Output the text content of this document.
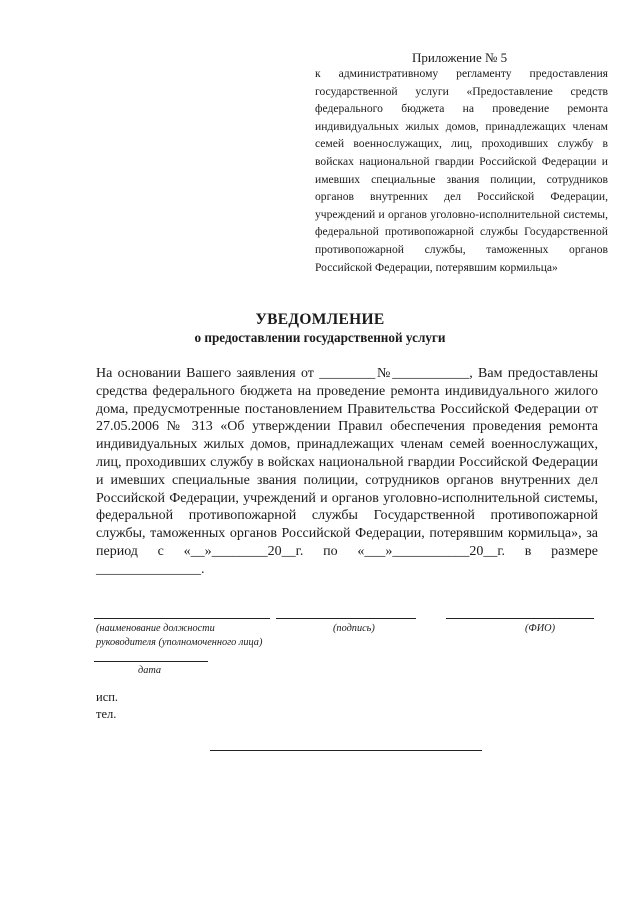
Приложение № 5

к административному регламенту предоставления государственной услуги «Предоставление средств федерального бюджета на проведение ремонта индивидуальных жилых домов, принадлежащих членам семей военнослужащих, лиц, проходивших службу в войсках национальной гвардии Российской Федерации и имевших специальные звания полиции, сотрудников органов внутренних дел Российской Федерации, учреждений и органов уголовно-исполнительной системы, федеральной противопожарной службы Государственной противопожарной службы, таможенных органов Российской Федерации, потерявшим кормильца»

УВЕДОМЛЕНИЕ

о предоставлении государственной услуги

На основании Вашего заявления от ________№___________, Вам предоставлены средства федерального бюджета на проведение ремонта индивидуального жилого дома, предусмотренные постановлением Правительства Российской Федерации от 27.05.2006 № 313 «Об утверждении Правил обеспечения проведения ремонта индивидуальных жилых домов, принадлежащих членам семей военнослужащих, лиц, проходивших службу в войсках национальной гвардии Российской Федерации и имевших специальные звания полиции, сотрудников органов внутренних дел Российской Федерации, учреждений и органов уголовно-исполнительной системы, федеральной противопожарной службы Государственной противопожарной службы, таможенных органов Российской Федерации, потерявшим кормильца», за период с «__»________20__г. по «___»___________20__г. в размере _______________.

(наименование должности

руководителя (уполномоченного лица)

(подпись)	(ФИО)

дата

исп.

тел.
